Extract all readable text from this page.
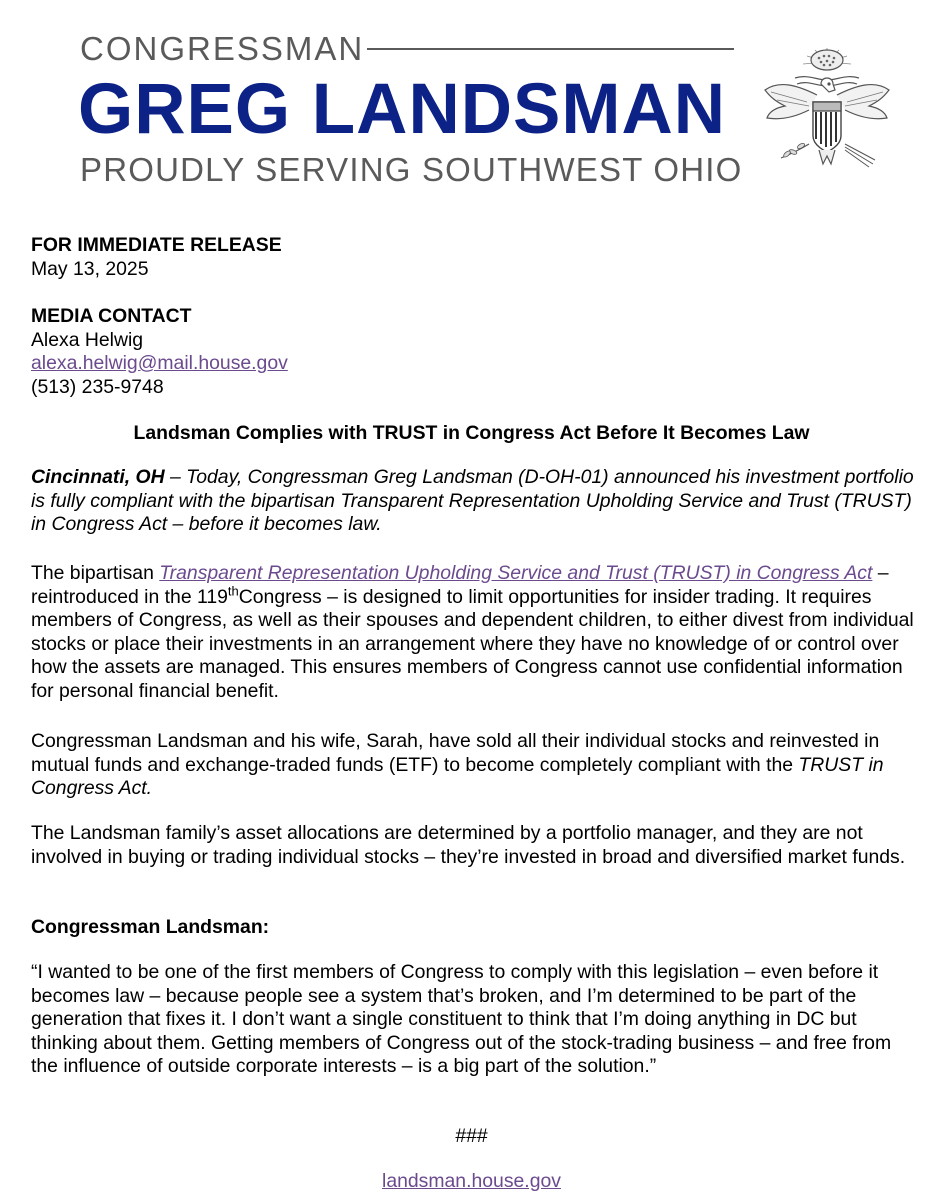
CONGRESSMAN
GREG LANDSMAN
PROUDLY SERVING SOUTHWEST OHIO
FOR IMMEDIATE RELEASE
May 13, 2025
MEDIA CONTACT
Alexa Helwig
alexa.helwig@mail.house.gov
(513) 235-9748
Landsman Complies with TRUST in Congress Act Before It Becomes Law
Cincinnati, OH – Today, Congressman Greg Landsman (D-OH-01) announced his investment portfolio is fully compliant with the bipartisan Transparent Representation Upholding Service and Trust (TRUST) in Congress Act – before it becomes law.
The bipartisan Transparent Representation Upholding Service and Trust (TRUST) in Congress Act – reintroduced in the 119thCongress – is designed to limit opportunities for insider trading. It requires members of Congress, as well as their spouses and dependent children, to either divest from individual stocks or place their investments in an arrangement where they have no knowledge of or control over how the assets are managed. This ensures members of Congress cannot use confidential information for personal financial benefit.
Congressman Landsman and his wife, Sarah, have sold all their individual stocks and reinvested in mutual funds and exchange-traded funds (ETF) to become completely compliant with the TRUST in Congress Act.
The Landsman family’s asset allocations are determined by a portfolio manager, and they are not involved in buying or trading individual stocks – they’re invested in broad and diversified market funds.
Congressman Landsman:
“I wanted to be one of the first members of Congress to comply with this legislation – even before it becomes law – because people see a system that’s broken, and I’m determined to be part of the generation that fixes it. I don’t want a single constituent to think that I’m doing anything in DC but thinking about them. Getting members of Congress out of the stock-trading business – and free from the influence of outside corporate interests – is a big part of the solution.”
###
landsman.house.gov
